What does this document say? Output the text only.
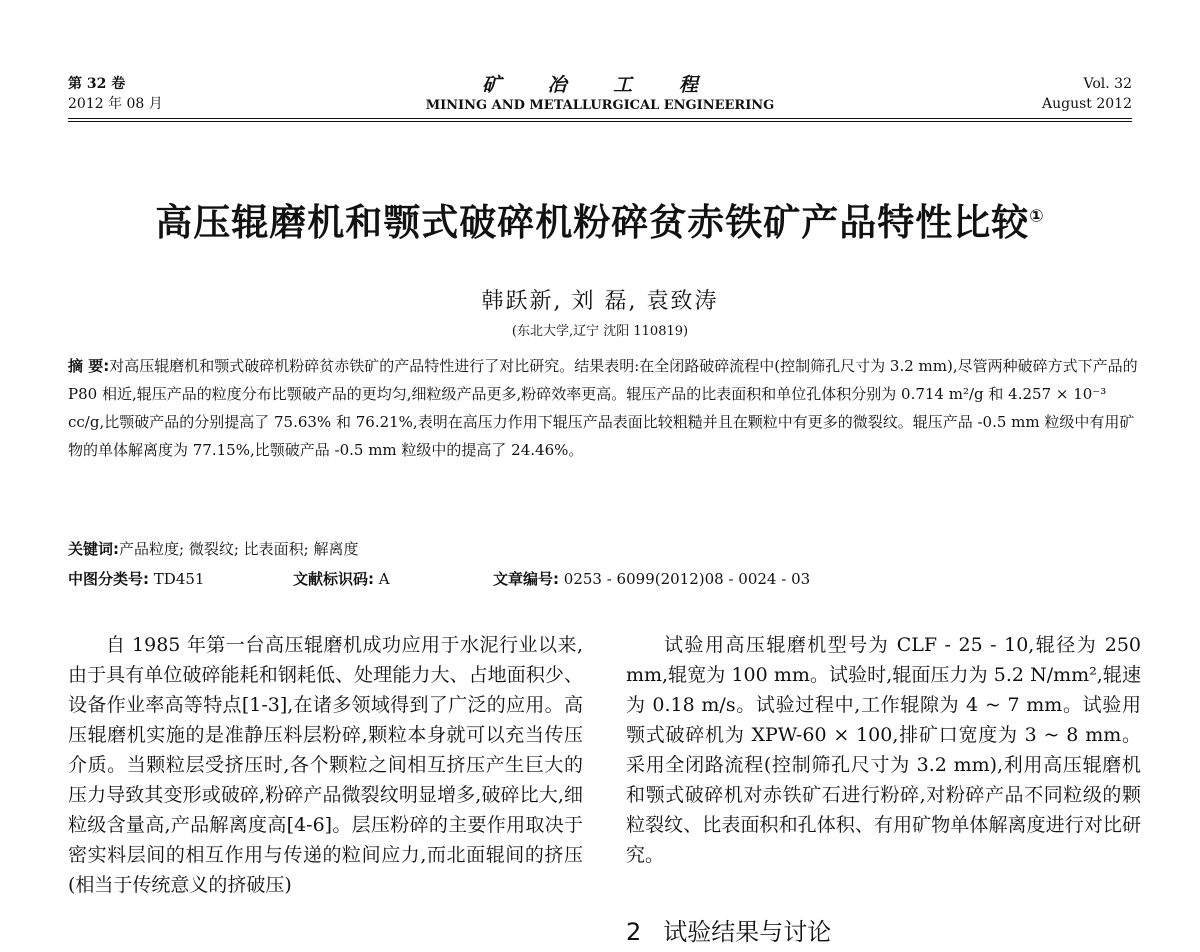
第 32 卷
2012 年 08 月
矿 冶 工 程
MINING AND METALLURGICAL ENGINEERING
Vol. 32
August 2012
高压辊磨机和颚式破碎机粉碎贫赤铁矿产品特性比较①
韩跃新, 刘 磊, 袁致涛
(东北大学,辽宁 沈阳 110819)
摘 要:对高压辊磨机和颚式破碎机粉碎贫赤铁矿的产品特性进行了对比研究。结果表明:在全闭路破碎流程中(控制筛孔尺寸为 3.2 mm),尽管两种破碎方式下产品的 P80 相近,辊压产品的粒度分布比颚破产品的更均匀,细粒级产品更多,粉碎效率更高。辊压产品的比表面积和单位孔体积分别为 0.714 m²/g 和 4.257 × 10⁻³ cc/g,比颚破产品的分别提高了 75.63% 和 76.21%,表明在高压力作用下辊压产品表面比较粗糙并且在颗粒中有更多的微裂纹。辊压产品 -0.5 mm 粒级中有用矿物的单体解离度为 77.15%,比颚破产品 -0.5 mm 粒级中的提高了 24.46%。
关键词:产品粒度; 微裂纹; 比表面积; 解离度
中图分类号: TD451	文献标识码: A	文章编号: 0253 - 6099(2012)08 - 0024 - 03

自 1985 年第一台高压辊磨机成功应用于水泥行业以来,由于具有单位破碎能耗和钢耗低、处理能力大、占地面积少、设备作业率高等特点[1-3],在诸多领域得到了广泛的应用。高压辊磨机实施的是准静压料层粉碎,颗粒本身就可以充当传压介质。当颗粒层受挤压时,各个颗粒之间相互挤压产生巨大的压力导致其变形或破碎,粉碎产品微裂纹明显增多,破碎比大,细粒级含量高,产品解离度高[4-6]。层压粉碎的主要作用取决于密实料层间的相互作用与传递的粒间应力,而北面辊间的挤压(相当于传统意义的挤破压)

试验用高压辊磨机型号为 CLF - 25 - 10,辊径为 250 mm,辊宽为 100 mm。试验时,辊面压力为 5.2 N/mm²,辊速为 0.18 m/s。试验过程中,工作辊隙为 4 ~ 7 mm。试验用颚式破碎机为 XPW-60 × 100,排矿口宽度为 3 ~ 8 mm。采用全闭路流程(控制筛孔尺寸为 3.2 mm),利用高压辊磨机和颚式破碎机对赤铁矿石进行粉碎,对粉碎产品不同粒级的颗粒裂纹、比表面积和孔体积、有用矿物单体解离度进行对比研究。

2 试验结果与讨论
